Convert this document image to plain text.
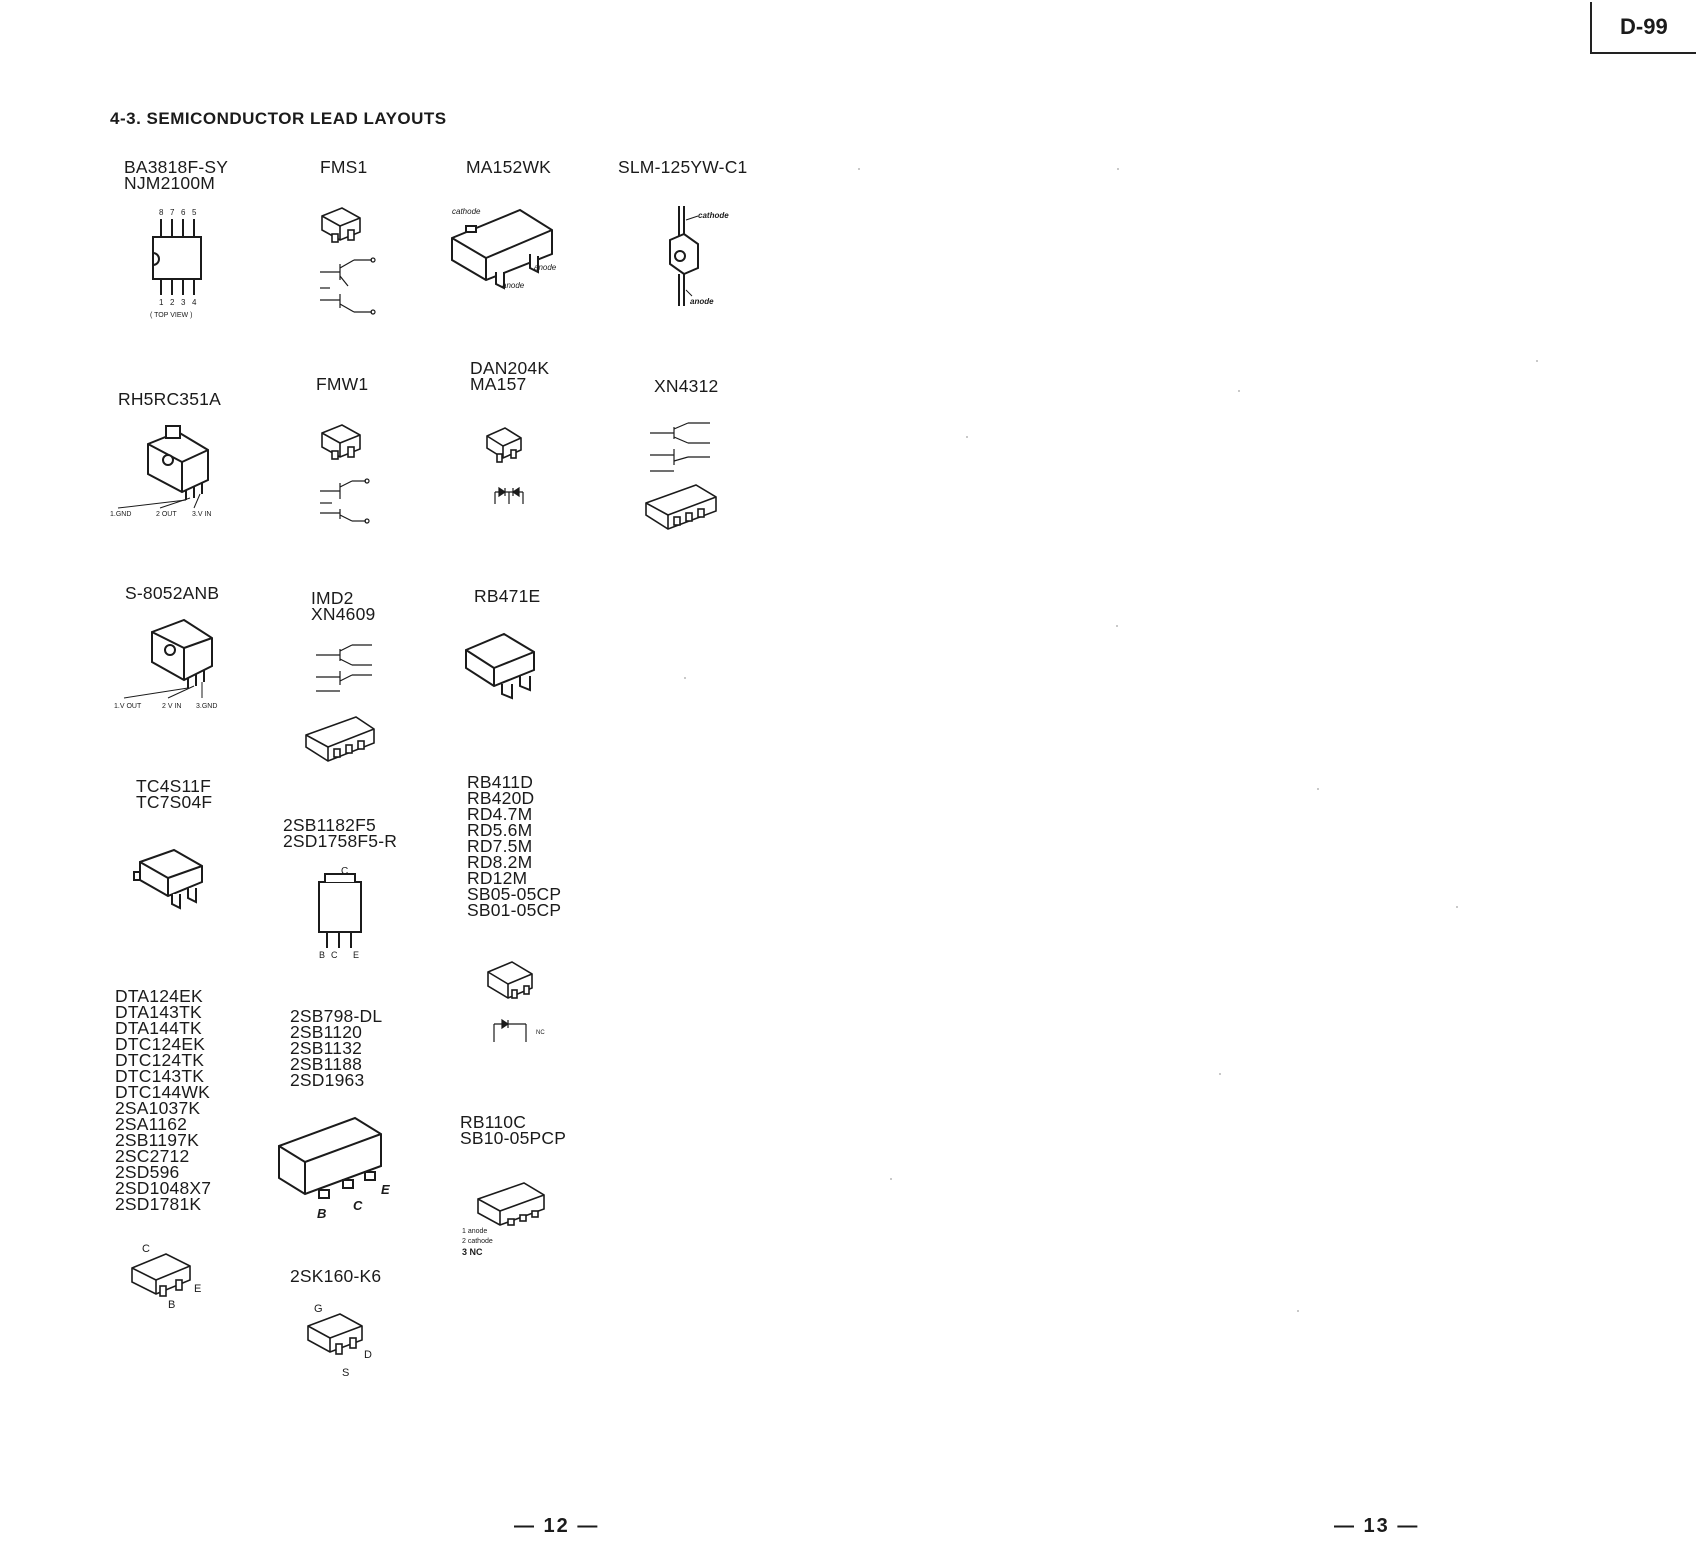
D-99
4-3. SEMICONDUCTOR LEAD LAYOUTS
BA3818F-SY
NJM2100M
FMS1	MA152WK	SLM-125YW-C1
RH5RC351A
FMW1
DAN204K
MA157	XN4312
S-8052ANB	IMD2
XN4609
RB471E
TC4S11F
TC7S04F
2SB1182F5
2SD1758F5-R
RB411D
RB420D
RD4.7M
RD5.6M
RD7.5M
RD8.2M
RD12M
SB05-05CP
SB01-05CP
DTA124EK
DTA143TK
DTA144TK
DTC124EK
DTC124TK
DTC143TK
DTC144WK
2SA1037K
2SA1162
2SB1197K
2SC2712
2SD596
2SD1048X7
2SD1781K
2SB798-DL
2SB1120
2SB1132
2SB1188
2SD1963
RB110C
SB10-05PCP
2SK160-K6
8 7 6 5
1 2 3 4
( TOP VIEW )
cathode
anode
anode
cathode
anode
1.GND	2 OUT 3.V IN
1.V OUT	2 V IN 3.GND
C
B C E
NC
C
E
B
B
C
E
1 anode
2 cathode
3 NC
G
D
S
— 12 —	— 13 —
